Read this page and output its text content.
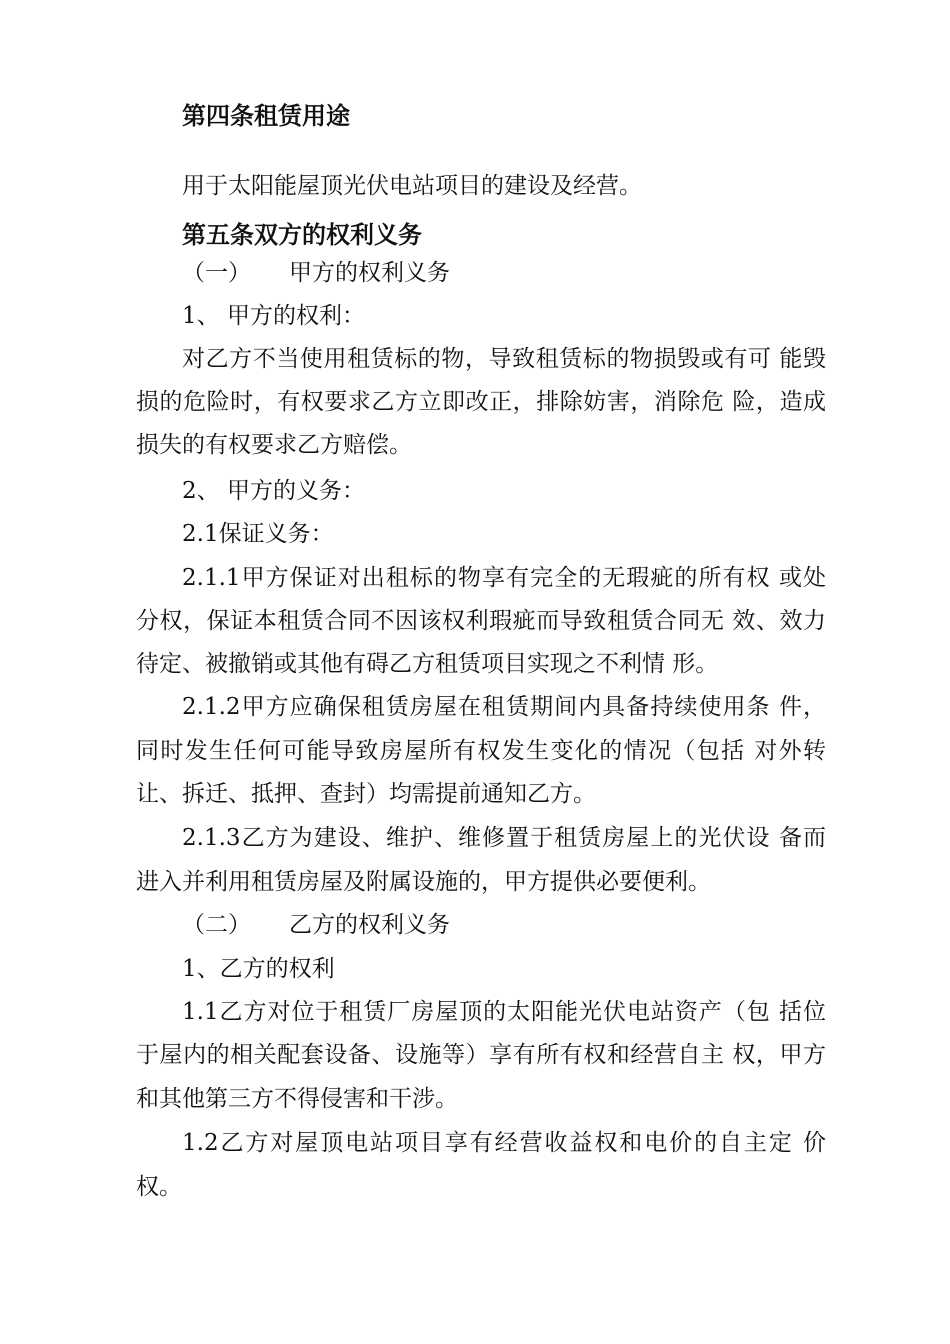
第四条租赁用途
用于太阳能屋顶光伏电站项目的建设及经营。
第五条双方的权利义务
（一） 甲方的权利义务
1、 甲方的权利：
对乙方不当使用租赁标的物，导致租赁标的物损毁或有可 能毁
损的危险时，有权要求乙方立即改正，排除妨害，消除危 险，造成
损失的有权要求乙方赔偿。
2、 甲方的义务：
2.1保证义务：
2.1.1甲方保证对出租标的物享有完全的无瑕疵的所有权 或处
分权，保证本租赁合同不因该权利瑕疵而导致租赁合同无 效、效力
待定、被撤销或其他有碍乙方租赁项目实现之不利情 形。
2.1.2甲方应确保租赁房屋在租赁期间内具备持续使用条 件，
同时发生任何可能导致房屋所有权发生变化的情况（包括 对外转
让、拆迁、抵押、查封）均需提前通知乙方。
2.1.3乙方为建设、维护、维修置于租赁房屋上的光伏设 备而
进入并利用租赁房屋及附属设施的，甲方提供必要便利。
（二） 乙方的权利义务
1、乙方的权利
1.1乙方对位于租赁厂房屋顶的太阳能光伏电站资产（包 括位
于屋内的相关配套设备、设施等）享有所有权和经营自主 权，甲方
和其他第三方不得侵害和干涉。
1.2乙方对屋顶电站项目享有经营收益权和电价的自主定 价
权。
